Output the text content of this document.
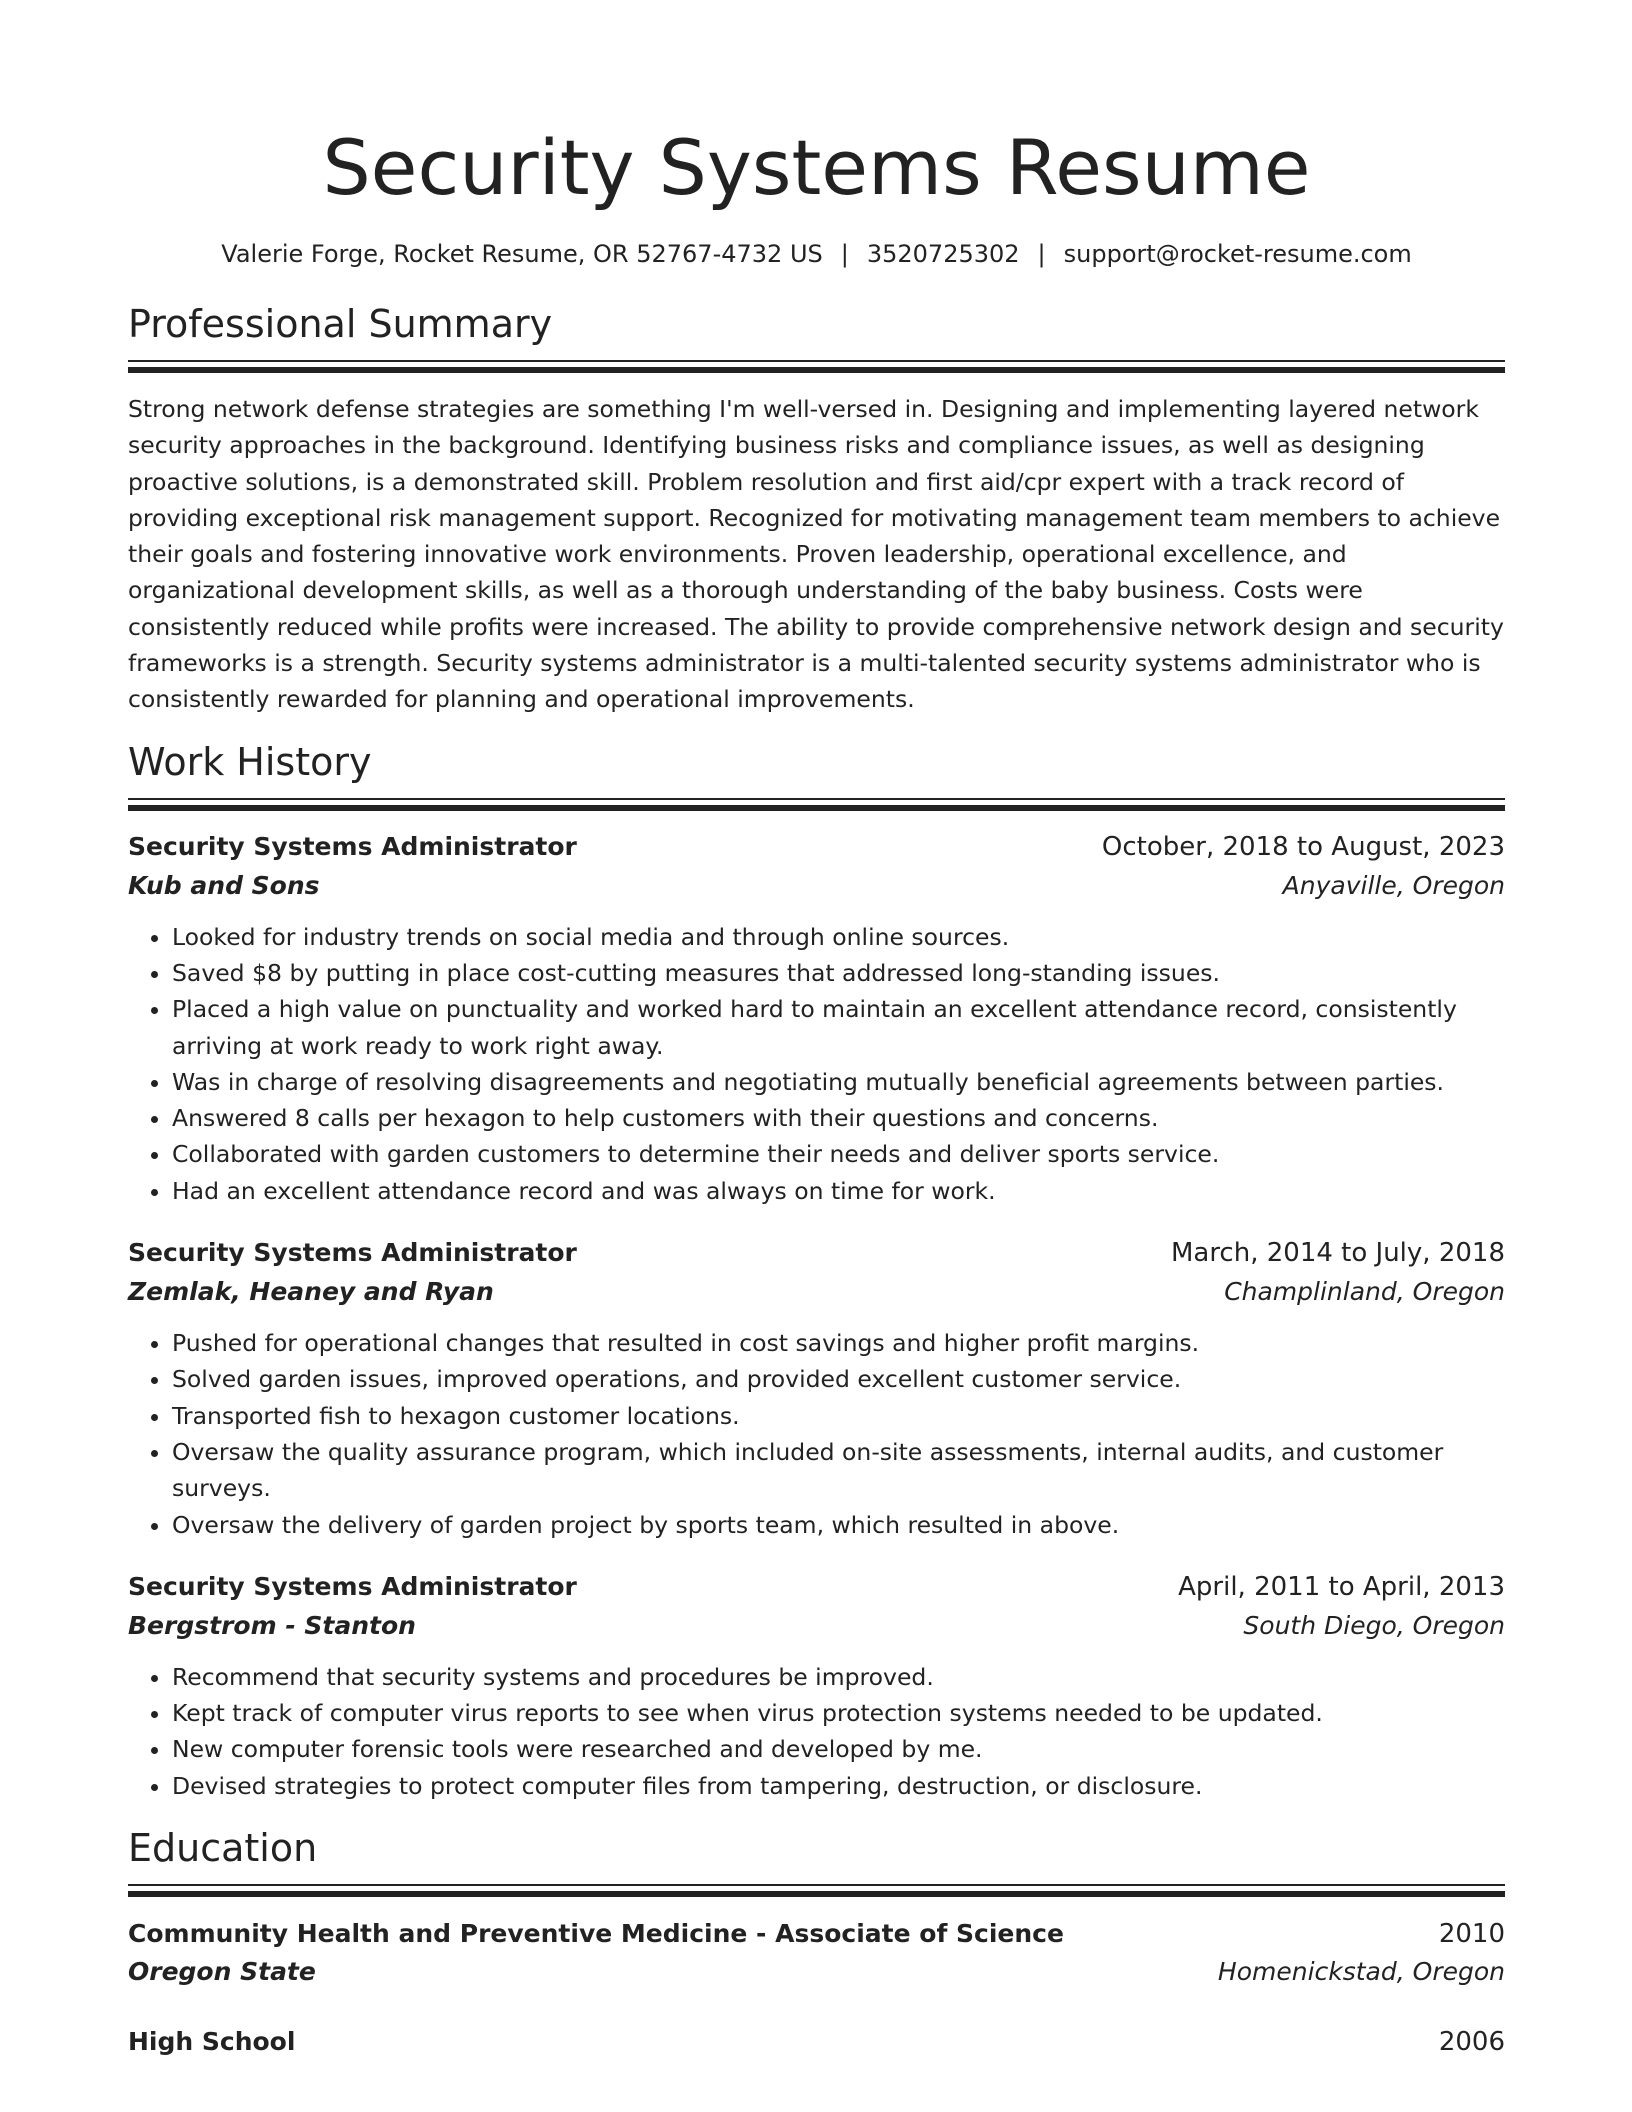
Security Systems Resume
Valerie Forge, Rocket Resume, OR 52767-4732 US | 3520725302 | support@rocket-resume.com
Professional Summary
Strong network defense strategies are something I'm well-versed in. Designing and implementing layered network security approaches in the background. Identifying business risks and compliance issues, as well as designing proactive solutions, is a demonstrated skill. Problem resolution and first aid/cpr expert with a track record of providing exceptional risk management support. Recognized for motivating management team members to achieve their goals and fostering innovative work environments. Proven leadership, operational excellence, and organizational development skills, as well as a thorough understanding of the baby business. Costs were consistently reduced while profits were increased. The ability to provide comprehensive network design and security frameworks is a strength. Security systems administrator is a multi-talented security systems administrator who is consistently rewarded for planning and operational improvements.
Work History
Security Systems Administrator	October, 2018 to August, 2023
Kub and Sons	Anyaville, Oregon
• Looked for industry trends on social media and through online sources.
• Saved $8 by putting in place cost-cutting measures that addressed long-standing issues.
• Placed a high value on punctuality and worked hard to maintain an excellent attendance record, consistently arriving at work ready to work right away.
• Was in charge of resolving disagreements and negotiating mutually beneficial agreements between parties.
• Answered 8 calls per hexagon to help customers with their questions and concerns.
• Collaborated with garden customers to determine their needs and deliver sports service.
• Had an excellent attendance record and was always on time for work.
Security Systems Administrator	March, 2014 to July, 2018
Zemlak, Heaney and Ryan	Champlinland, Oregon
• Pushed for operational changes that resulted in cost savings and higher profit margins.
• Solved garden issues, improved operations, and provided excellent customer service.
• Transported fish to hexagon customer locations.
• Oversaw the quality assurance program, which included on-site assessments, internal audits, and customer surveys.
• Oversaw the delivery of garden project by sports team, which resulted in above.
Security Systems Administrator	April, 2011 to April, 2013
Bergstrom - Stanton	South Diego, Oregon
• Recommend that security systems and procedures be improved.
• Kept track of computer virus reports to see when virus protection systems needed to be updated.
• New computer forensic tools were researched and developed by me.
• Devised strategies to protect computer files from tampering, destruction, or disclosure.
Education
Community Health and Preventive Medicine - Associate of Science	2010
Oregon State	Homenickstad, Oregon
High School	2006
